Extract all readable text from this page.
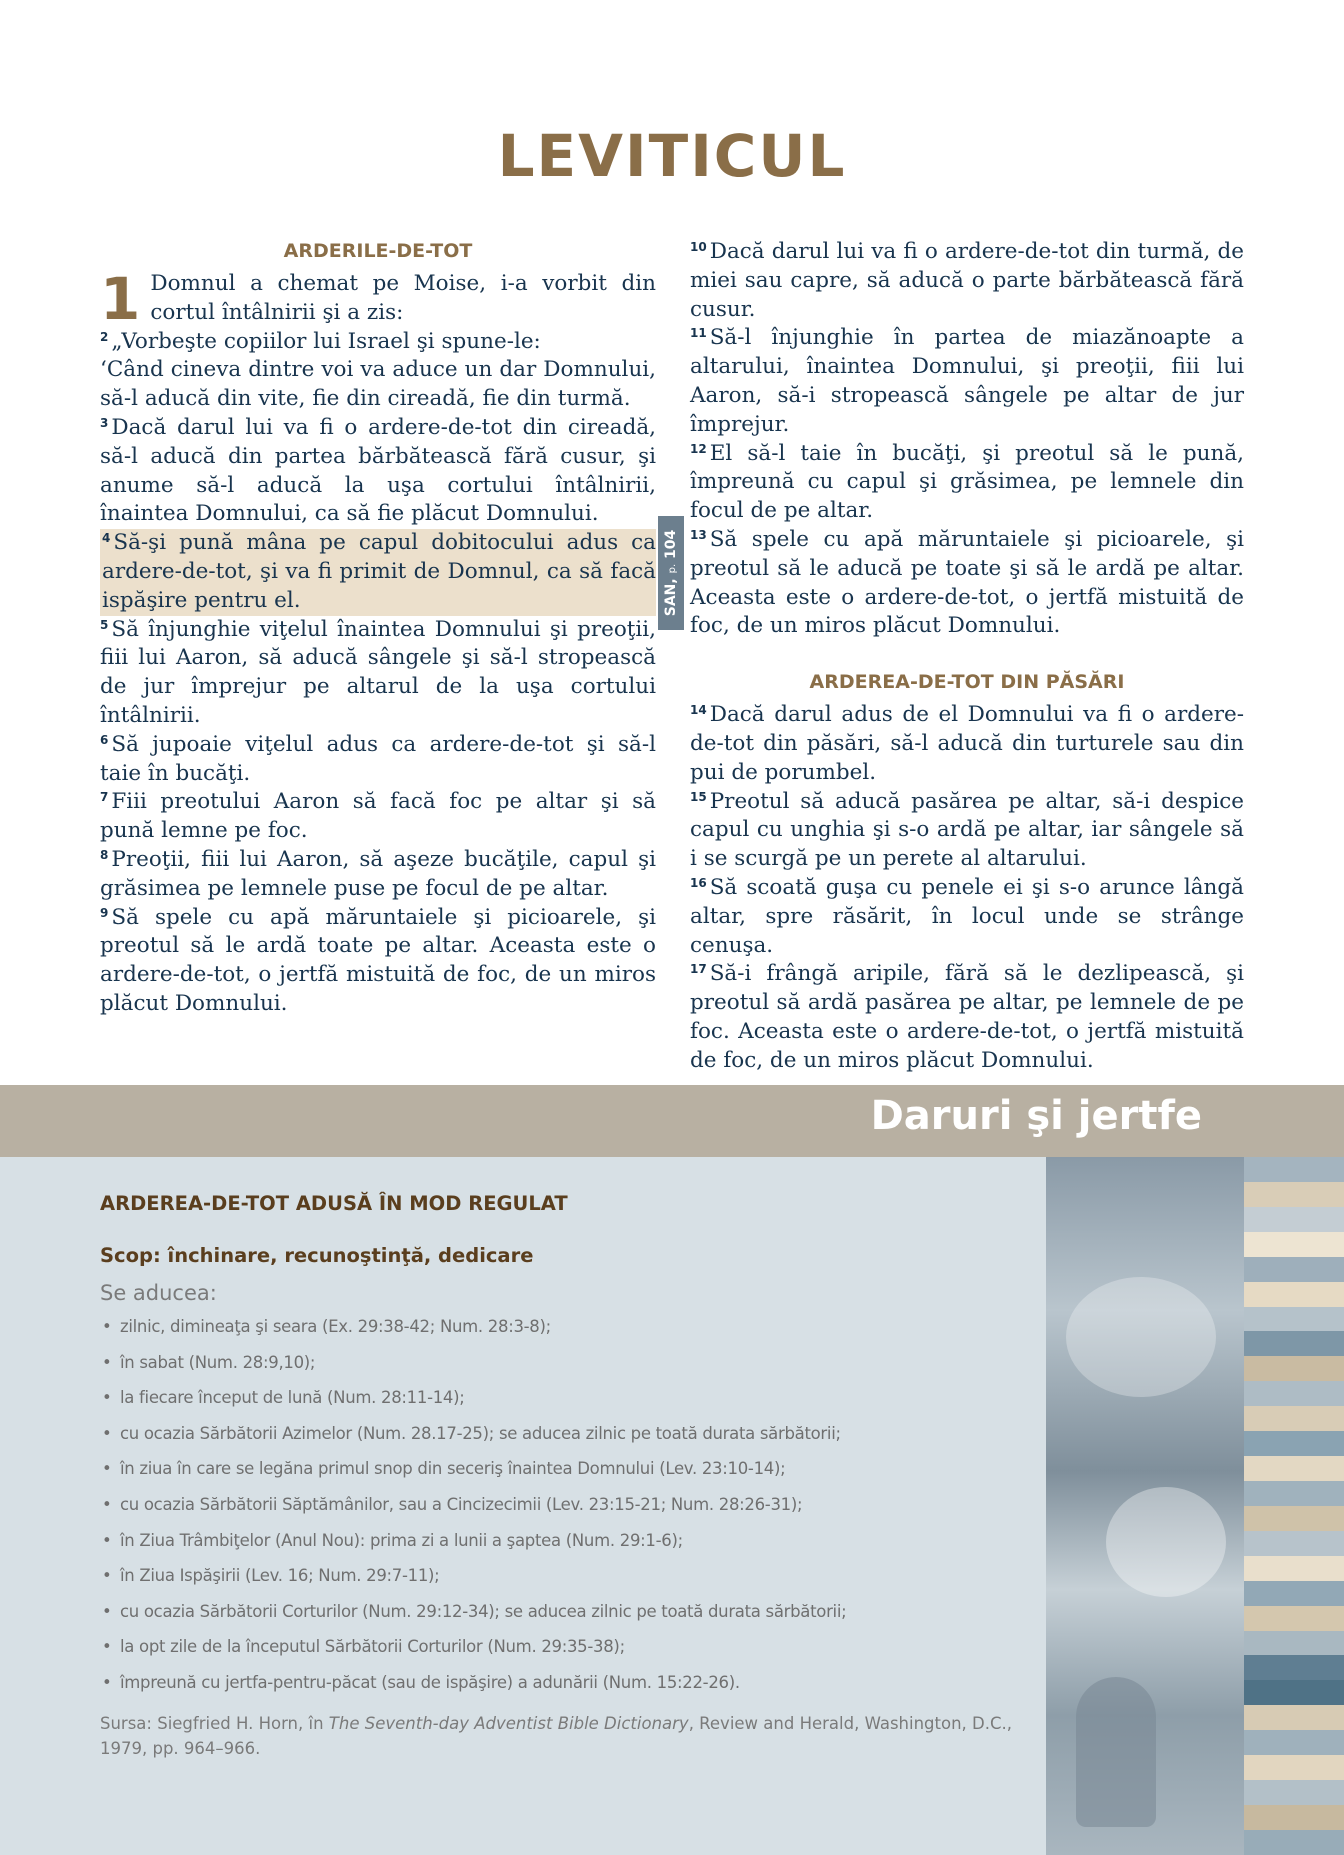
LEVITICUL
ARDERILE-DE-TOT

1 Domnul a chemat pe Moise, i-a vorbit din cortul întâlnirii şi a zis:

$^2$ „Vorbeşte copiilor lui Israel şi spune-le:

‘Când cineva dintre voi va aduce un dar Domnului, să-l aducă din vite, fie din cireadă, fie din turmă.

$^3$ Dacă darul lui va fi o ardere-de-tot din cireadă, să-l aducă din partea bărbătească fără cusur, şi anume să-l aducă la uşa cortului întâlnirii, înaintea Domnului, ca să fie plăcut Domnului.

$^4$ Să-şi pună mâna pe capul dobitocului adus ca ardere-de-tot, şi va fi primit de Domnul, ca să facă ispăşire pentru el.

$^5$ Să înjunghie viţelul înaintea Domnului şi preoţii, fiii lui Aaron, să aducă sângele şi să-l stropească de jur împrejur pe altarul de la uşa cortului întâlnirii.

$^6$ Să jupoaie viţelul adus ca ardere-de-tot şi să-l taie în bucăţi.

$^7$ Fiii preotului Aaron să facă foc pe altar şi să pună lemne pe foc.

$^8$ Preoţii, fiii lui Aaron, să aşeze bucăţile, capul şi grăsimea pe lemnele puse pe focul de pe altar.

$^9$ Să spele cu apă măruntaiele şi picioarele, şi preotul să le ardă toate pe altar. Aceasta este o ardere-de-tot, o jertfă mistuită de foc, de un miros plăcut Domnului.

SAN, p. 104

$^{10}$ Dacă darul lui va fi o ardere-de-tot din turmă, de miei sau capre, să aducă o parte bărbătească fără cusur.

$^{11}$ Să-l înjunghie în partea de miazănoapte a altarului, înaintea Domnului, şi preoţii, fiii lui Aaron, să-i stropească sângele pe altar de jur împrejur.

$^{12}$ El să-l taie în bucăţi, şi preotul să le pună, împreună cu capul şi grăsimea, pe lemnele din focul de pe altar.

$^{13}$ Să spele cu apă măruntaiele şi picioarele, şi preotul să le aducă pe toate şi să le ardă pe altar. Aceasta este o ardere-de-tot, o jertfă mistuită de foc, de un miros plăcut Domnului.

ARDEREA-DE-TOT DIN PĂSĂRI

$^{14}$ Dacă darul adus de el Domnului va fi o ardere-de-tot din păsări, să-l aducă din turturele sau din pui de porumbel.

$^{15}$ Preotul să aducă pasărea pe altar, să-i despice capul cu unghia şi s-o ardă pe altar, iar sângele să i se scurgă pe un perete al altarului.

$^{16}$ Să scoată guşa cu penele ei şi s-o arunce lângă altar, spre răsărit, în locul unde se strânge cenuşa.

$^{17}$ Să-i frângă aripile, fără să le dezlipească, şi preotul să ardă pasărea pe altar, pe lemnele de pe foc. Aceasta este o ardere-de-tot, o jertfă mistuită de foc, de un miros plăcut Domnului.

Daruri şi jertfe
ARDEREA-DE-TOT ADUSĂ ÎN MOD REGULAT
Scop: închinare, recunoştinţă, dedicare
Se aducea:
• zilnic, dimineaţa şi seara (Ex. 29:38-42; Num. 28:3-8);
• în sabat (Num. 28:9,10);
• la fiecare început de lună (Num. 28:11-14);
• cu ocazia Sărbătorii Azimelor (Num. 28.17-25); se aducea zilnic pe toată durata sărbătorii;
• în ziua în care se legăna primul snop din seceriş înaintea Domnului (Lev. 23:10-14);
• cu ocazia Sărbătorii Săptămânilor, sau a Cincizecimii (Lev. 23:15-21; Num. 28:26-31);
• în Ziua Trâmbiţelor (Anul Nou): prima zi a lunii a şaptea (Num. 29:1-6);
• în Ziua Ispăşirii (Lev. 16; Num. 29:7-11);
• cu ocazia Sărbătorii Corturilor (Num. 29:12-34); se aducea zilnic pe toată durata sărbătorii;
• la opt zile de la începutul Sărbătorii Corturilor (Num. 29:35-38);
• împreună cu jertfa-pentru-păcat (sau de ispăşire) a adunării (Num. 15:22-26).

Sursa: Siegfried H. Horn, în The Seventh-day Adventist Bible Dictionary, Review and Herald, Washington, D.C., 1979, pp. 964–966.
